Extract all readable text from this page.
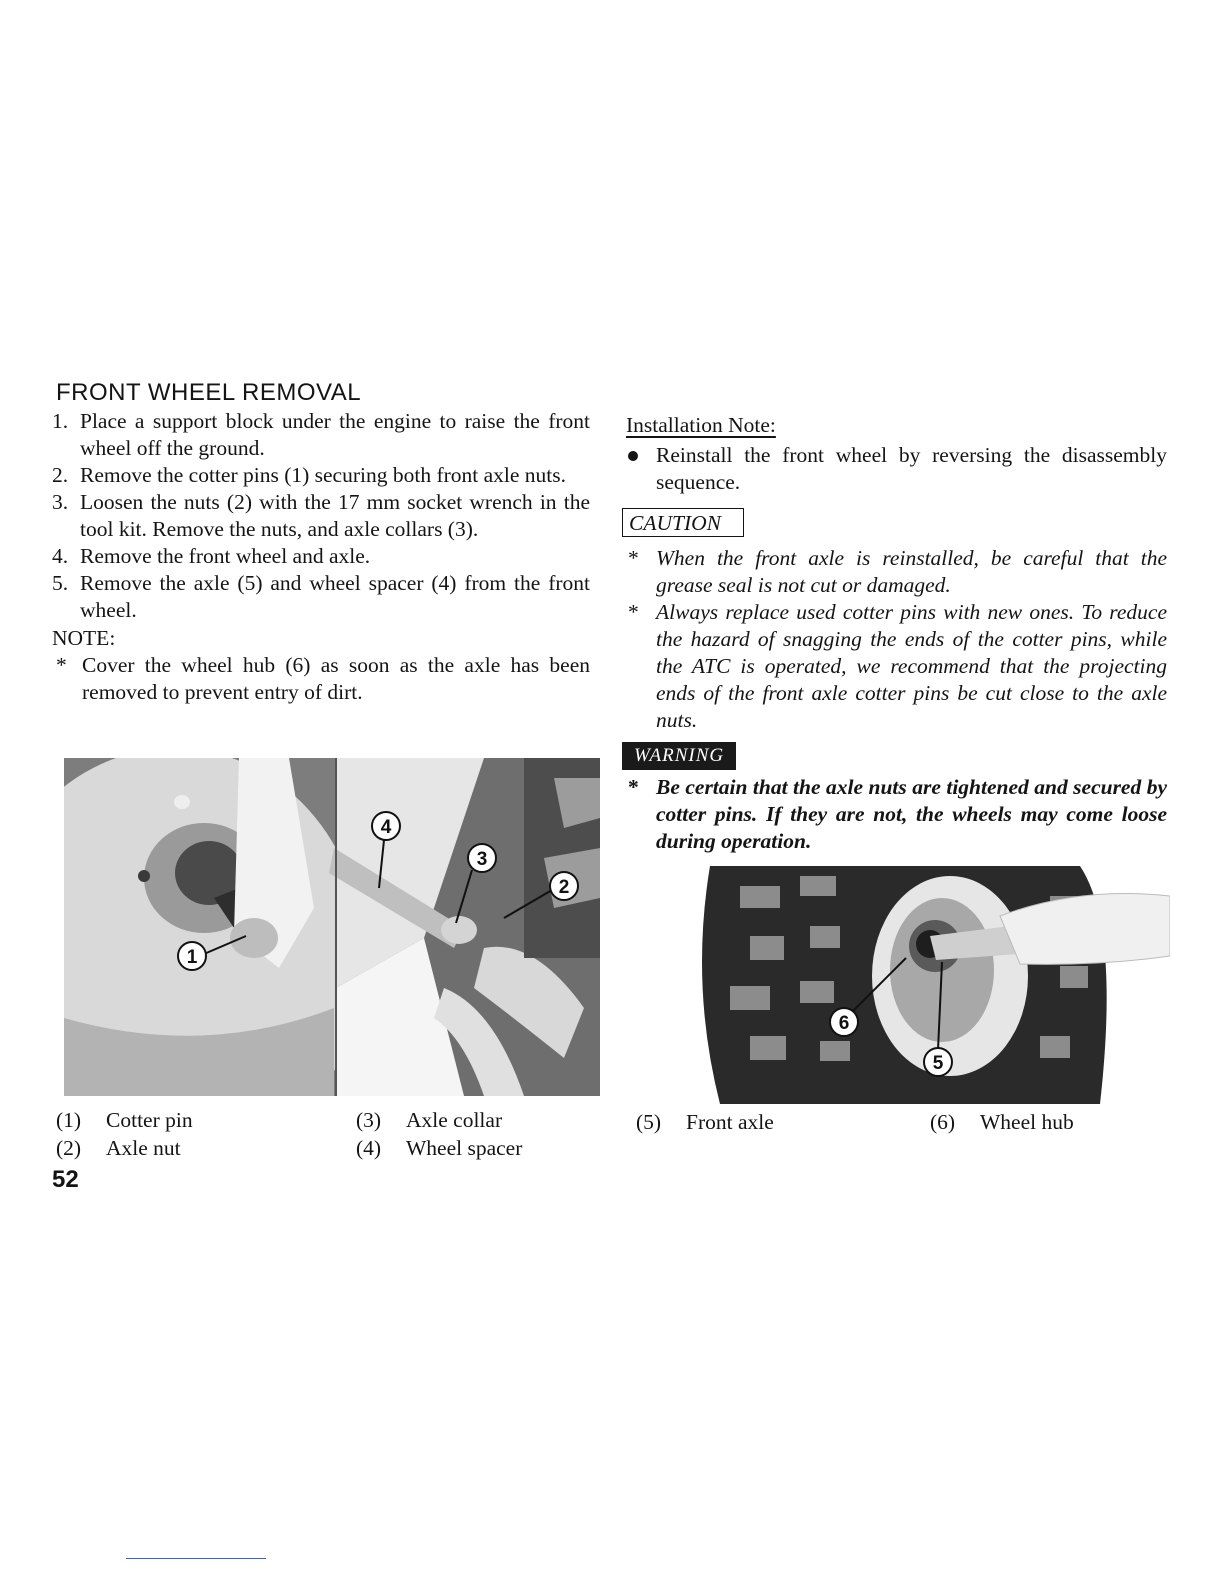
FRONT WHEEL REMOVAL
1. Place a support block under the engine to raise the front wheel off the ground.
2. Remove the cotter pins (1) securing both front axle nuts.
3. Loosen the nuts (2) with the 17 mm socket wrench in the tool kit. Remove the nuts, and axle collars (3).
4. Remove the front wheel and axle.
5. Remove the axle (5) and wheel spacer (4) from the front wheel.
NOTE:
* Cover the wheel hub (6) as soon as the axle has been removed to prevent entry of dirt.
1
2
3
4
(1) Cotter pin
(2) Axle nut
(3) Axle collar
(4) Wheel spacer
52
Installation Note:
Reinstall the front wheel by reversing the disassembly sequence.
CAUTION
* When the front axle is reinstalled, be careful that the grease seal is not cut or damaged.
* Always replace used cotter pins with new ones. To reduce the hazard of snagging the ends of the cotter pins, while the ATC is operated, we recommend that the projecting ends of the front axle cotter pins be cut close to the axle nuts.
WARNING
* Be certain that the axle nuts are tightened and secured by cotter pins. If they are not, the wheels may come loose during operation.
6
5
(5) Front axle	(6) Wheel hub
